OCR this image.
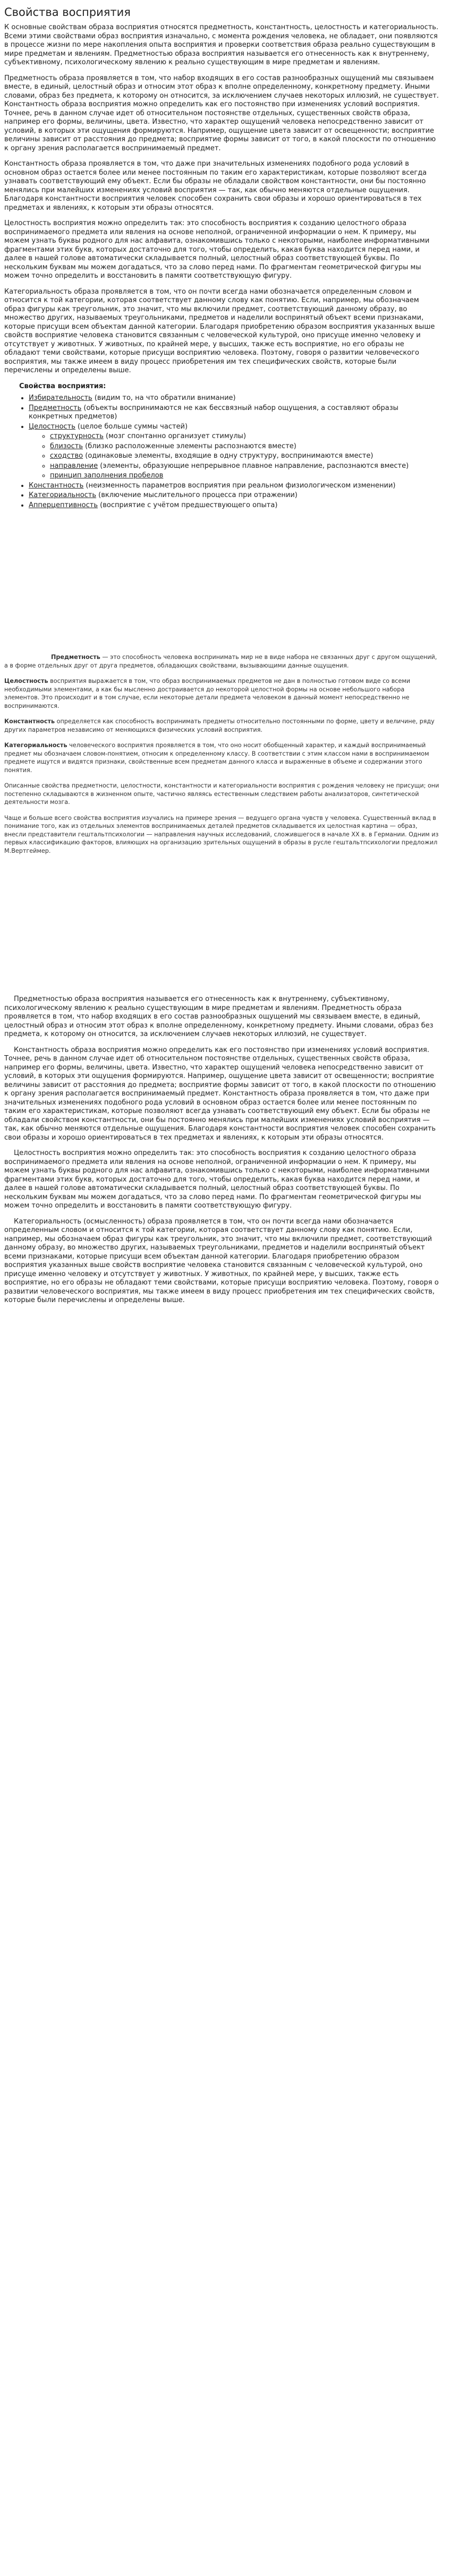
Свойства восприятия

К основные свойствам образа восприятия относятся предметность, константность, целостность и категориальность. Всеми этими свойствами образ восприятия изначально, с момента рождения человека, не обладает, они появляются в процессе жизни по мере накопления опыта восприятия и проверки соответствия образа реально существующим в мире предметам и явлениям. Предметностью образа восприятия называется его отнесенность как к внутреннему, субъективному, психологическому явлению к реально существующим в мире предметам и явлениям.

Предметность образа проявляется в том, что набор входящих в его состав разнообразных ощущений мы связываем вместе, в единый, целостный образ и относим этот образ к вполне определенному, конкретному предмету. Иными словами, образ без предмета, к которому он относится, за исключением случаев некоторых иллюзий, не существует. Константность образа восприятия можно определить как его постоянство при изменениях условий восприятия. Точнее, речь в данном случае идет об относительном постоянстве отдельных, существенных свойств образа, например его формы, величины, цвета. Известно, что характер ощущений человека непосредственно зависит от условий, в которых эти ощущения формируются. Например, ощущение цвета зависит от освещенности; восприятие величины зависит от расстояния до предмета; восприятие формы зависит от того, в какой плоскости по отношению к органу зрения располагается воспринимаемый предмет.

Константность образа проявляется в том, что даже при значительных изменениях подобного рода условий в основном образ остается более или менее постоянным по таким его характеристикам, которые позволяют всегда узнавать соответствующий ему объект. Если бы образы не обладали свойством константности, они бы постоянно менялись при малейших изменениях условий восприятия — так, как обычно меняются отдельные ощущения. Благодаря константности восприятия человек способен сохранить свои образы и хорошо ориентироваться в тех предметах и явлениях, к которым эти образы относятся.

Целостность восприятия можно определить так: это способность восприятия к созданию целостного образа воспринимаемого предмета или явления на основе неполной, ограниченной информации о нем. К примеру, мы можем узнать буквы родного для нас алфавита, ознакомившись только с некоторыми, наиболее информативными фрагментами этих букв, которых достаточно для того, чтобы определить, какая буква находится перед нами, и далее в нашей голове автоматически складывается полный, целостный образ соответствующей буквы. По нескольким буквам мы можем догадаться, что за слово перед нами. По фрагментам геометрической фигуры мы можем точно определить и восстановить в памяти соответствующую фигуру.

Категориальность образа проявляется в том, что он почти всегда нами обозначается определенным словом и относится к той категории, которая соответствует данному слову как понятию. Если, например, мы обозначаем образ фигуры как треугольник, это значит, что мы включили предмет, соответствующий данному образу, во множество других, называемых треугольниками, предметов и наделили воспринятый объект всеми признаками, которые присущи всем объектам данной категории. Благодаря приобретению образом восприятия указанных выше свойств восприятие человека становится связанным с человеческой культурой, оно присуще именно человеку и отсутствует у животных. У животных, по крайней мере, у высших, также есть восприятие, но его образы не обладают теми свойствами, которые присущи восприятию человека. Поэтому, говоря о развитии человеческого восприятия, мы также имеем в виду процесс приобретения им тех специфических свойств, которые были перечислены и определены выше.

Свойства восприятия:
• Избирательность (видим то, на что обратили внимание)
• Предметность (объекты воспринимаются не как бессвязный набор ощущения, а составляют образы конкретных предметов)
• Целостность (целое больше суммы частей)
◦ структурность (мозг спонтанно организует стимулы)
◦ близость (близко расположенные элементы распознаются вместе)
◦ сходство (одинаковые элементы, входящие в одну структуру, воспринимаются вместе)
◦ направление (элементы, образующие непрерывное плавное направление, распознаются вместе)
◦ принцип заполнения пробелов
• Константность (неизменность параметров восприятия при реальном физиологическом изменении)
• Категориальность (включение мыслительного процесса при отражении)
• Апперцептивность (восприятие с учётом предшествующего опыта)

Предметность — это способность человека воспринимать мир не в виде набора не связанных друг с другом ощущений, а в форме отдельных друг от друга предметов, обладающих свойствами, вызывающими данные ощущения.

Целостность восприятия выражается в том, что образ воспринимаемых предметов не дан в полностью готовом виде со всеми необходимыми элементами, а как бы мысленно достраивается до некоторой целостной формы на основе небольшого набора элементов. Это происходит и в том случае, если некоторые детали предмета человеком в данный момент непосредственно не воспринимаются.

Константность определяется как способность воспринимать предметы относительно постоянными по форме, цвету и величине, ряду других параметров независимо от меняющихся физических условий восприятия.

Категориальность человеческого восприятия проявляется в том, что оно носит обобщенный характер, и каждый воспринимаемый предмет мы обозначаем словом-понятием, относим к определенному классу. В соответствии с этим классом нами в воспринимаемом предмете ищутся и видятся признаки, свойственные всем предметам данного класса и выраженные в объеме и содержании этого понятия.

Описанные свойства предметности, целостности, константности и категориальности восприятия с рождения человеку не присущи; они постепенно складываются в жизненном опыте, частично являясь естественным следствием работы анализаторов, синтетической деятельности мозга.

Чаще и больше всего свойства восприятия изучались на примере зрения — ведущего органа чувств у человека. Существенный вклад в понимание того, как из отдельных элементов воспринимаемых деталей предметов складывается их целостная картина — образ, внесли представители гештальтпсихологии — направления научных исследований, сложившегося в начале XX в. в Германии. Одним из первых классификацию факторов, влияющих на организацию зрительных ощущений в образы в русле гештальтпсихологии предложил М.Вертгеймер.

Предметностью образа восприятия называется его отнесенность как к внутреннему, субъективному, психологическому явлению к реально существующим в мире предметам и явлениям. Предметность образа проявляется в том, что набор входящих в его состав разнообразных ощущений мы связываем вместе, в единый, целостный образ и относим этот образ к вполне определенному, конкретному предмету. Иными словами, образ без предмета, к которому он относится, за исключением случаев некоторых иллюзий, не существует.

Константность образа восприятия можно определить как его постоянство при изменениях условий восприятия. Точнее, речь в данном случае идет об относительном постоянстве отдельных, существенных свойств образа, например его формы, величины, цвета. Известно, что характер ощущений человека непосредственно зависит от условий, в которых эти ощущения формируются. Например, ощущение цвета зависит от освещенности; восприятие величины зависит от расстояния до предмета; восприятие формы зависит от того, в какой плоскости по отношению к органу зрения располагается воспринимаемый предмет. Константность образа проявляется в том, что даже при значительных изменениях подобного рода условий в основном образ остается более или менее постоянным по таким его характеристикам, которые позволяют всегда узнавать соответствующий ему объект. Если бы образы не обладали свойством константности, они бы постоянно менялись при малейших изменениях условий восприятия — так, как обычно меняются отдельные ощущения. Благодаря константности восприятия человек способен сохранить свои образы и хорошо ориентироваться в тех предметах и явлениях, к которым эти образы относятся.

Целостность восприятия можно определить так: это способность восприятия к созданию целостного образа воспринимаемого предмета или явления на основе неполной, ограниченной информации о нем. К примеру, мы можем узнать буквы родного для нас алфавита, ознакомившись только с некоторыми, наиболее информативными фрагментами этих букв, которых достаточно для того, чтобы определить, какая буква находится перед нами, и далее в нашей голове автоматически складывается полный, целостный образ соответствующей буквы. По нескольким буквам мы можем догадаться, что за слово перед нами. По фрагментам геометрической фигуры мы можем точно определить и восстановить в памяти соответствующую фигуру.

Категориальность (осмысленность) образа проявляется в том, что он почти всегда нами обозначается определенным словом и относится к той категории, которая соответствует данному слову как понятию. Если, например, мы обозначаем образ фигуры как треугольник, это значит, что мы включили предмет, соответствующий данному образу, во множество других, называемых треугольниками, предметов и наделили воспринятый объект всеми признаками, которые присущи всем объектам данной категории. Благодаря приобретению образом восприятия указанных выше свойств восприятие человека становится связанным с человеческой культурой, оно присуще именно человеку и отсутствует у животных. У животных, по крайней мере, у высших, также есть восприятие, но его образы не обладают теми свойствами, которые присущи восприятию человека. Поэтому, говоря о развитии человеческого восприятия, мы также имеем в виду процесс приобретения им тех специфических свойств, которые были перечислены и определены выше.
